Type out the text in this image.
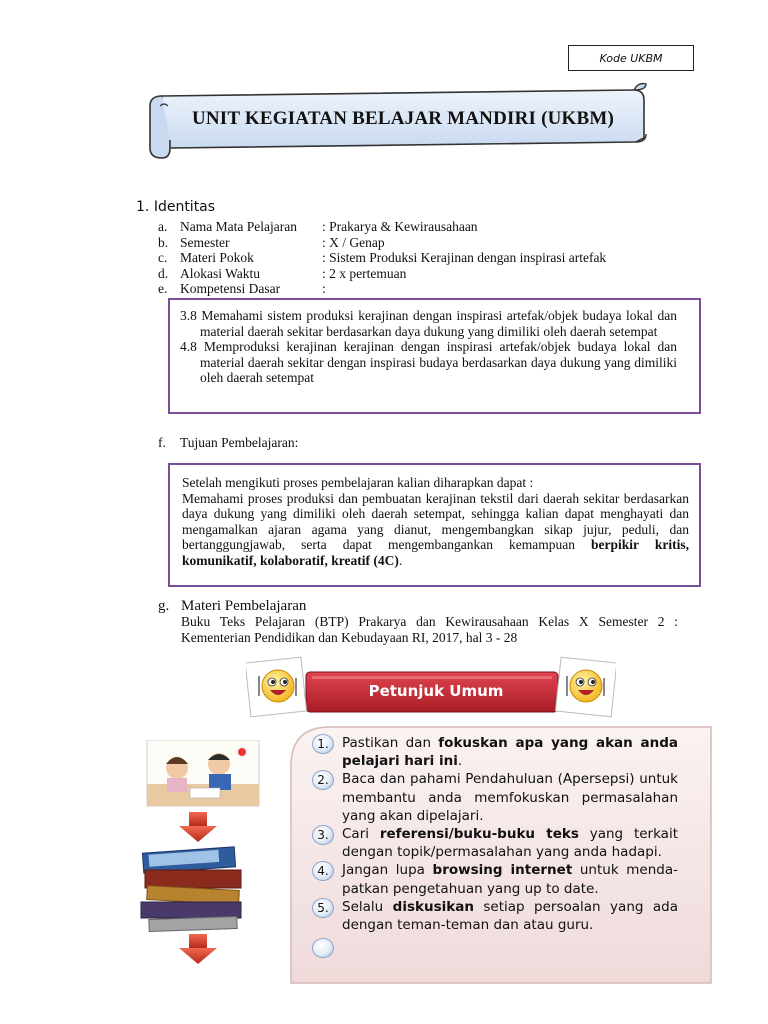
Kode UKBM
UNIT KEGIATAN BELAJAR MANDIRI (UKBM)
1. Identitas
a. Nama Mata Pelajaran	: Prakarya & Kewirausahaan
b. Semester	: X / Genap
c. Materi Pokok	: Sistem Produksi Kerajinan dengan inspirasi artefak
d. Alokasi Waktu	: 2 x pertemuan
e. Kompetensi Dasar	:

3.8 Memahami sistem produksi kerajinan dengan inspirasi artefak/objek budaya lokal dan material daerah sekitar berdasarkan daya dukung yang dimiliki oleh daerah setempat

4.8 Memproduksi kerajinan kerajinan dengan inspirasi artefak/objek budaya lokal dan material daerah sekitar dengan inspirasi budaya berdasarkan daya dukung yang dimiliki oleh daerah setempat

f.	Tujuan Pembelajaran:
Setelah mengikuti proses pembelajaran kalian diharapkan dapat :
Memahami proses produksi dan pembuatan kerajinan tekstil dari daerah sekitar berdasarkan daya dukung yang dimiliki oleh daerah setempat, sehingga kalian dapat menghayati dan mengamalkan ajaran agama yang dianut, mengembangkan sikap jujur, peduli, dan bertanggungjawab, serta dapat mengembangankan kemampuan berpikir kritis, komunikatif, kolaboratif, kreatif (4C).
g. Materi Pembelajaran
Buku Teks Pelajaran (BTP) Prakarya dan Kewirausahaan Kelas X Semester 2 : Kementerian Pendidikan dan Kebudayaan RI, 2017, hal 3 - 28
Petunjuk Umum
1. Pastikan dan fokuskan apa yang akan anda pelajari hari ini.
2. Baca dan pahami Pendahuluan (Apersepsi) untuk membantu anda memfokuskan permasalahan yang akan dipelajari.
3. Cari referensi/buku-buku teks yang terkait dengan topik/permasalahan yang anda hadapi.
4. Jangan lupa browsing internet untuk menda-patkan pengetahuan yang up to date.
5. Selalu diskusikan setiap persoalan yang ada dengan teman-teman dan atau guru.
